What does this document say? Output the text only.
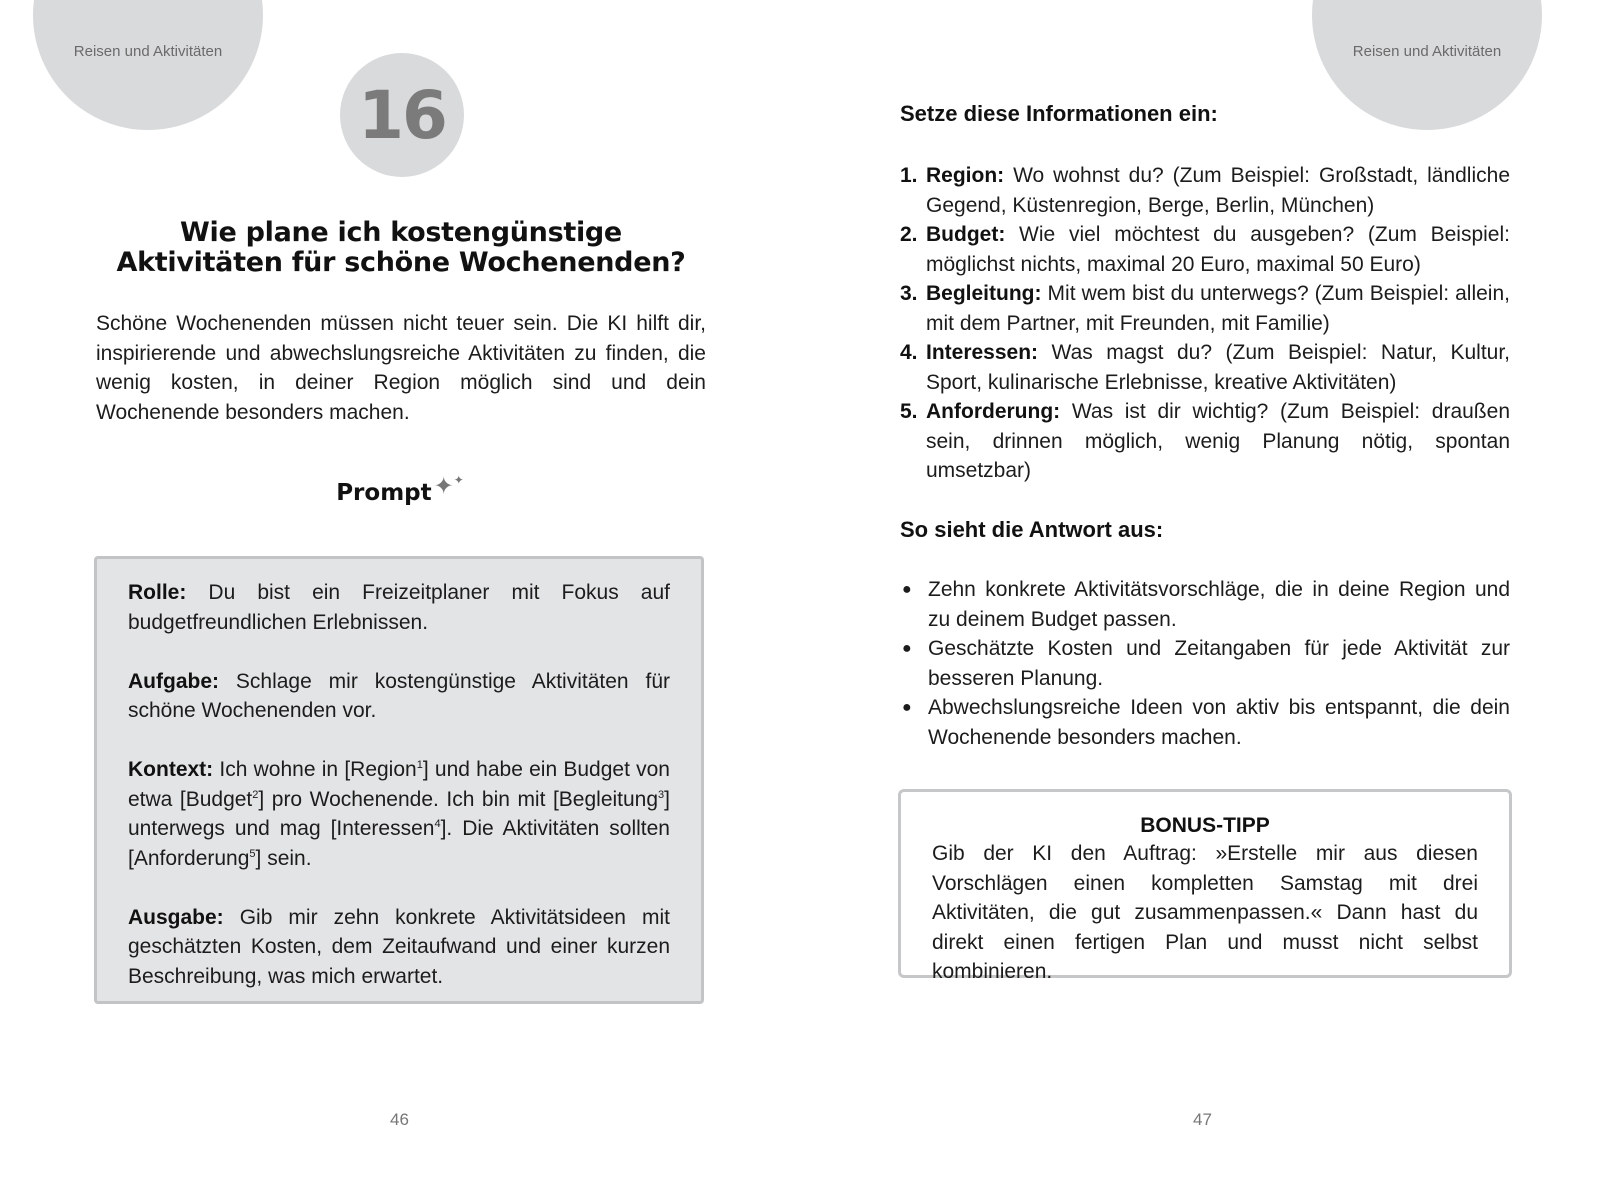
Reisen und Aktivitäten
16
Wie plane ich kostengünstige Aktivitäten für schöne Wochenenden?
Schöne Wochenenden müssen nicht teuer sein. Die KI hilft dir, inspirierende und abwechslungsreiche Aktivitäten zu finden, die wenig kosten, in deiner Region möglich sind und dein Wochenende besonders machen.
Prompt✦✦

Rolle: Du bist ein Freizeitplaner mit Fokus auf budgetfreundlichen Erlebnissen.

Aufgabe: Schlage mir kostengünstige Aktivitäten für schöne Wochenenden vor.

Kontext: Ich wohne in [Region$^1$] und habe ein Budget von etwa [Budget$^2$] pro Wochenende. Ich bin mit [Begleitung$^3$] unterwegs und mag [Interessen$^4$]. Die Aktivitäten sollten [Anforderung$^5$] sein.

Ausgabe: Gib mir zehn konkrete Aktivitätsideen mit geschätzten Kosten, dem Zeitaufwand und einer kurzen Beschreibung, was mich erwartet.

46
Reisen und Aktivitäten
Setze diese Informationen ein:
1. Region: Wo wohnst du? (Zum Beispiel: Großstadt, ländliche Gegend, Küstenregion, Berge, Berlin, München)
2. Budget: Wie viel möchtest du ausgeben? (Zum Beispiel: möglichst nichts, maximal 20 Euro, maximal 50 Euro)
3. Begleitung: Mit wem bist du unterwegs? (Zum Beispiel: allein, mit dem Partner, mit Freunden, mit Familie)
4. Interessen: Was magst du? (Zum Beispiel: Natur, Kultur, Sport, kulinarische Erlebnisse, kreative Aktivitäten)
5. Anforderung: Was ist dir wichtig? (Zum Beispiel: draußen sein, drinnen möglich, wenig Planung nötig, spontan umsetzbar)
So sieht die Antwort aus:
● Zehn konkrete Aktivitätsvorschläge, die in deine Region und zu deinem Budget passen.
● Geschätzte Kosten und Zeitangaben für jede Aktivität zur besseren Planung.
● Abwechslungsreiche Ideen von aktiv bis entspannt, die dein Wochenende besonders machen.
BONUS-TIPP
Gib der KI den Auftrag: »Erstelle mir aus diesen Vorschlägen einen kompletten Samstag mit drei Aktivitäten, die gut zusammenpassen.« Dann hast du direkt einen fertigen Plan und musst nicht selbst kombinieren.
47
